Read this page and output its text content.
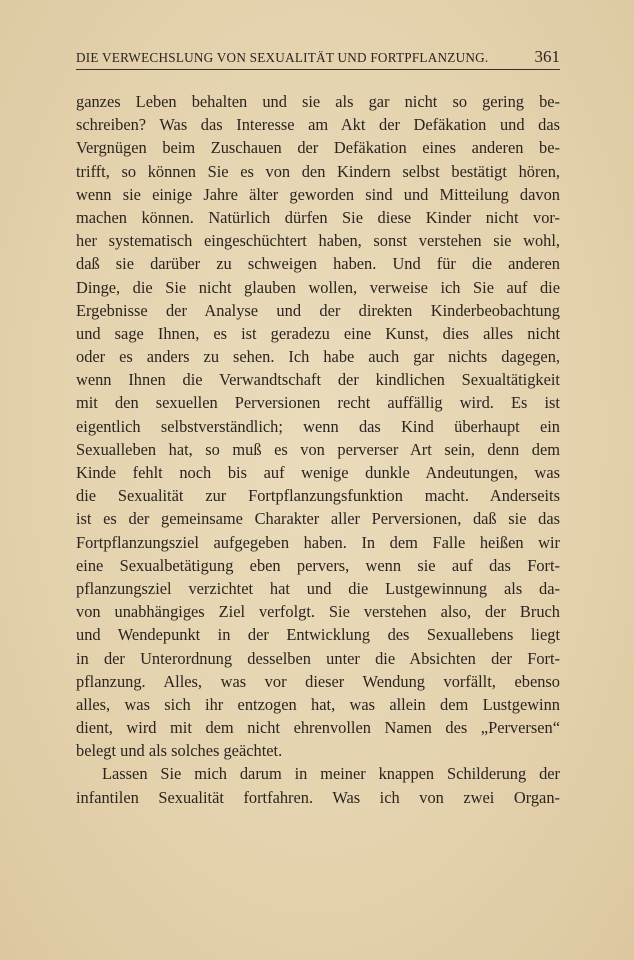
DIE VERWECHSLUNG VON SEXUALITÄT UND FORTPFLANZUNG.	361
ganzes Leben behalten und sie als gar nicht so gering be-
schreiben? Was das Interesse am Akt der Defäkation und das
Vergnügen beim Zuschauen der Defäkation eines anderen be-
trifft, so können Sie es von den Kindern selbst bestätigt hören,
wenn sie einige Jahre älter geworden sind und Mitteilung davon
machen können. Natürlich dürfen Sie diese Kinder nicht vor-
her systematisch eingeschüchtert haben, sonst verstehen sie wohl,
daß sie darüber zu schweigen haben. Und für die anderen
Dinge, die Sie nicht glauben wollen, verweise ich Sie auf die
Ergebnisse der Analyse und der direkten Kinderbeobachtung
und sage Ihnen, es ist geradezu eine Kunst, dies alles nicht
oder es anders zu sehen. Ich habe auch gar nichts dagegen,
wenn Ihnen die Verwandtschaft der kindlichen Sexualtätigkeit
mit den sexuellen Perversionen recht auffällig wird. Es ist
eigentlich selbstverständlich; wenn das Kind überhaupt ein
Sexualleben hat, so muß es von perverser Art sein, denn dem
Kinde fehlt noch bis auf wenige dunkle Andeutungen, was
die Sexualität zur Fortpflanzungsfunktion macht. Anderseits
ist es der gemeinsame Charakter aller Perversionen, daß sie das
Fortpflanzungsziel aufgegeben haben. In dem Falle heißen wir
eine Sexualbetätigung eben pervers, wenn sie auf das Fort-
pflanzungsziel verzichtet hat und die Lustgewinnung als da-
von unabhängiges Ziel verfolgt. Sie verstehen also, der Bruch
und Wendepunkt in der Entwicklung des Sexuallebens liegt
in der Unterordnung desselben unter die Absichten der Fort-
pflanzung. Alles, was vor dieser Wendung vorfällt, ebenso
alles, was sich ihr entzogen hat, was allein dem Lustgewinn
dient, wird mit dem nicht ehrenvollen Namen des „Perversen“
belegt und als solches geächtet.
Lassen Sie mich darum in meiner knappen Schilderung der
infantilen Sexualität fortfahren. Was ich von zwei Organ-
